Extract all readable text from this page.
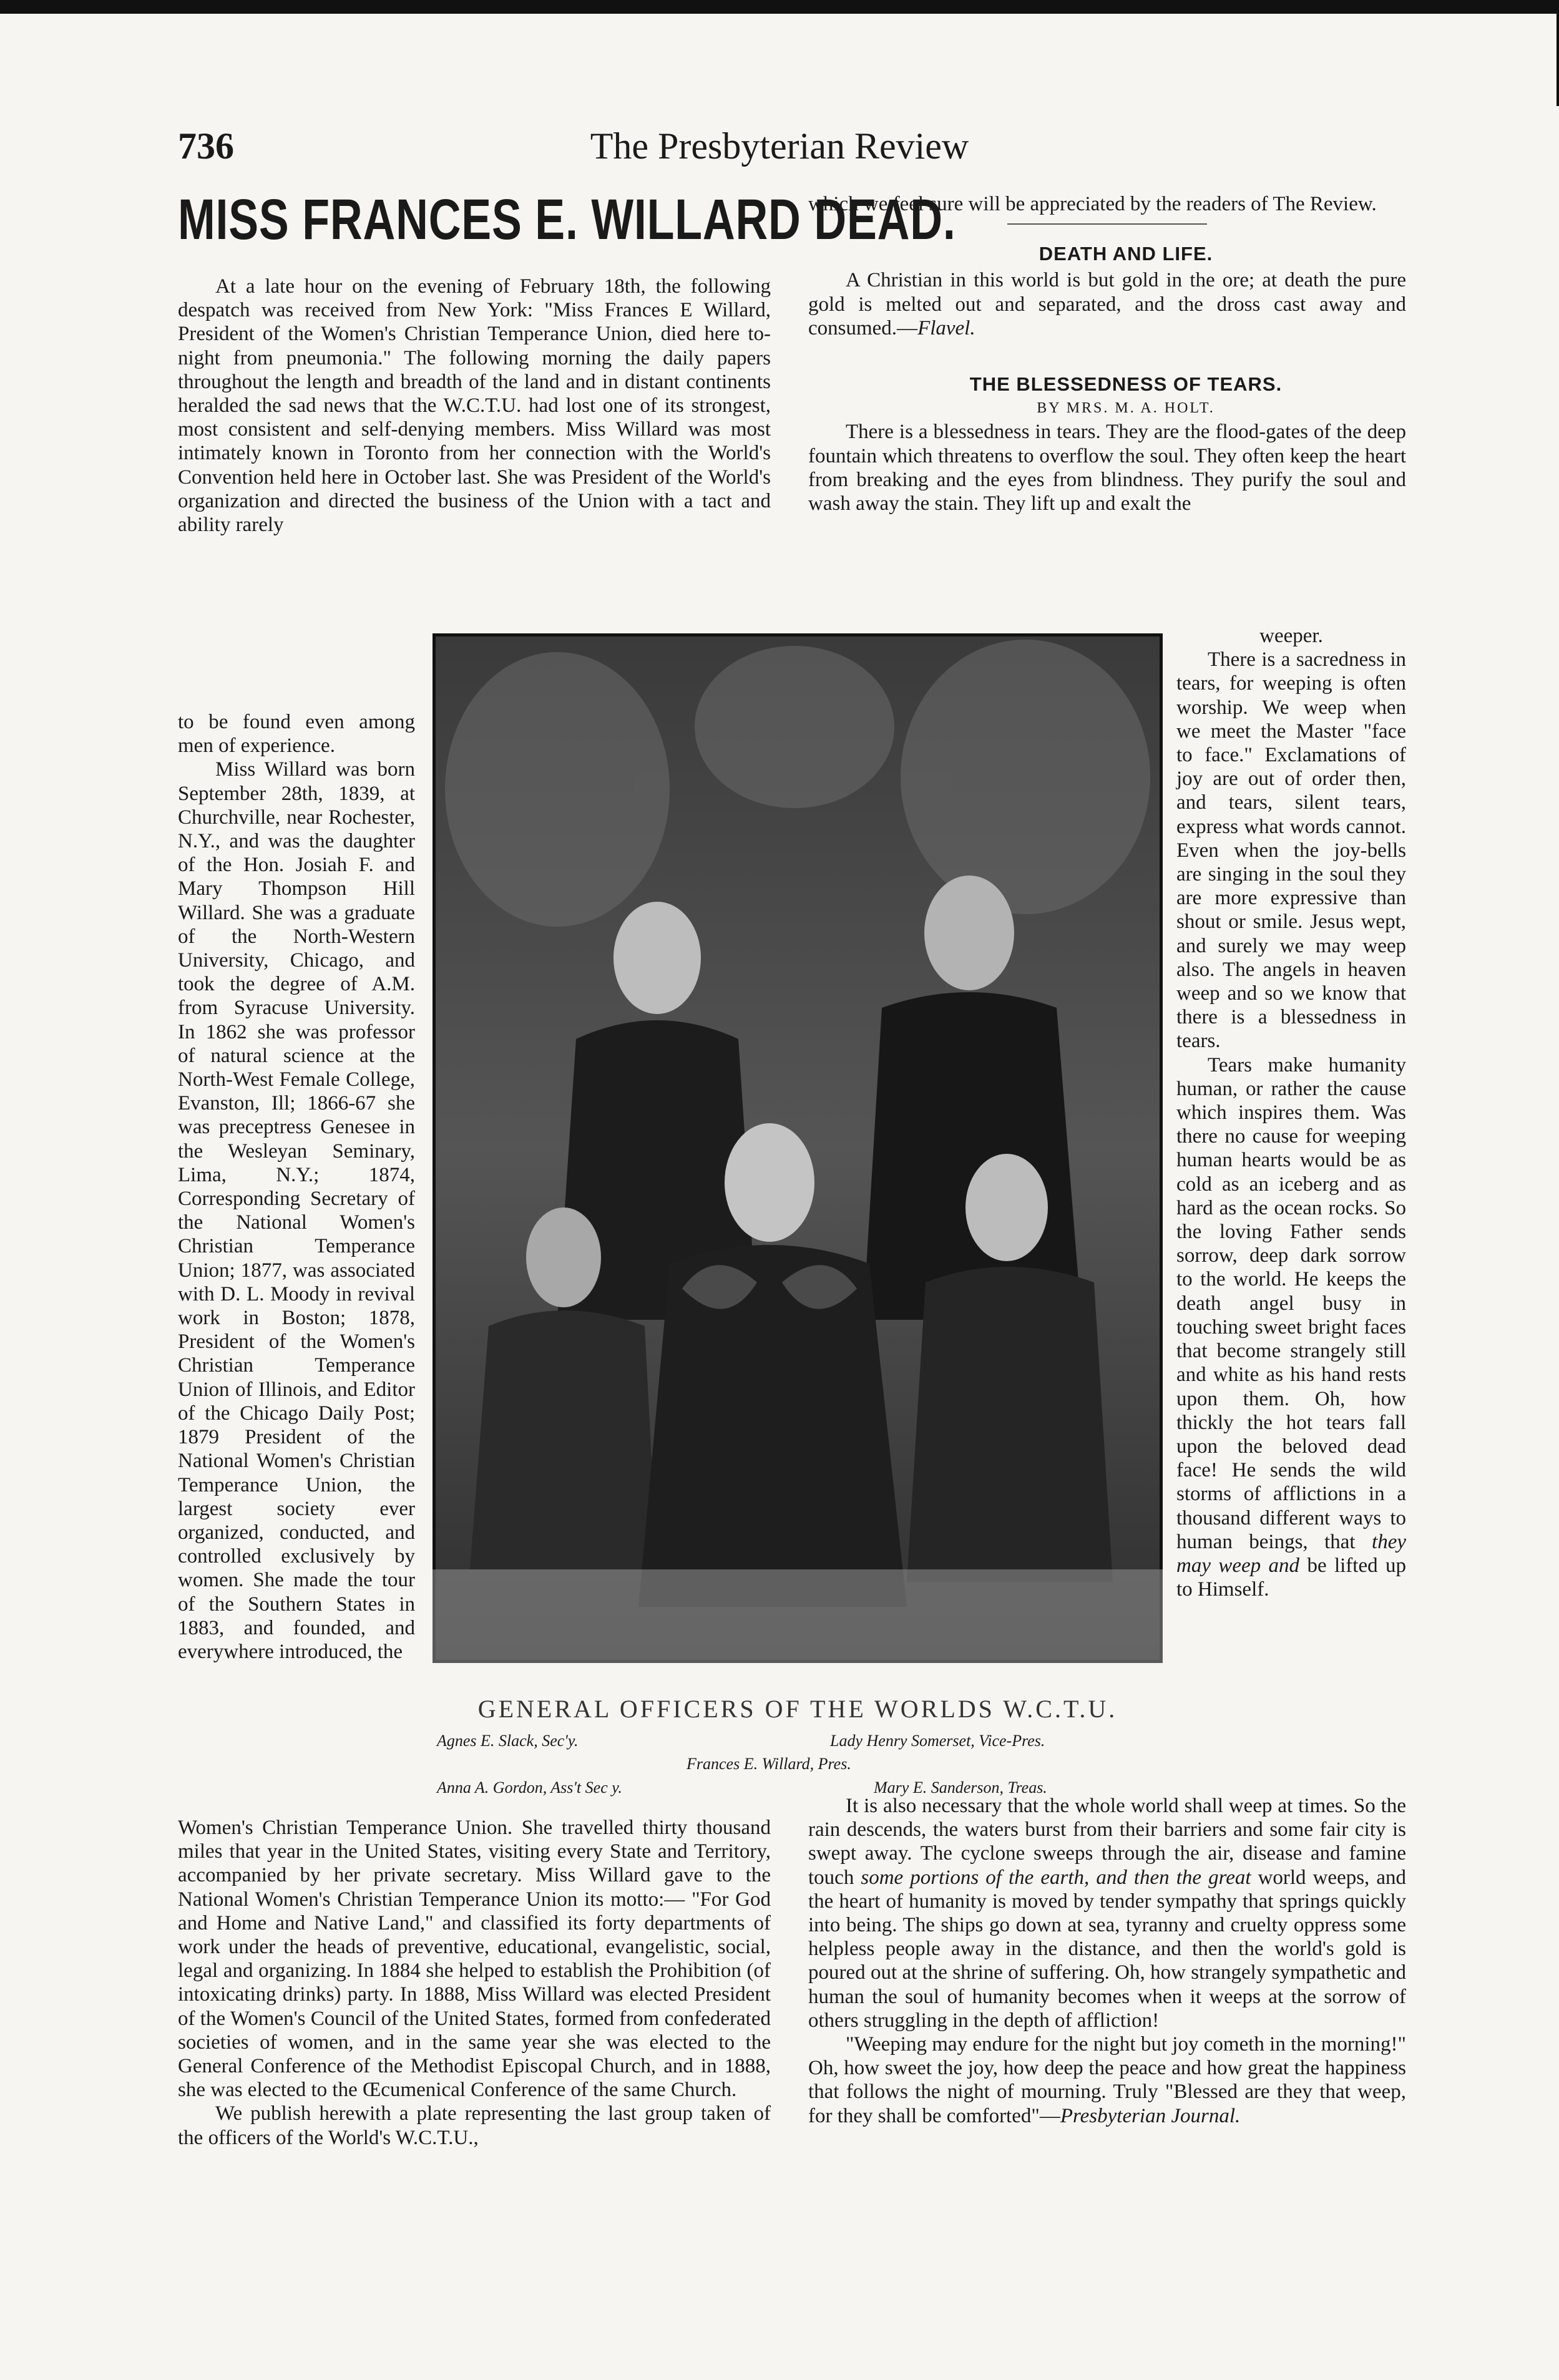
736	The Presbyterian Review
MISS FRANCES E. WILLARD DEAD.

At a late hour on the evening of February 18th, the following despatch was received from New York: "Miss Frances E Willard, President of the Women's Christian Temperance Union, died here to-night from pneumonia." The following morning the daily papers throughout the length and breadth of the land and in distant continents heralded the sad news that the W.C.T.U. had lost one of its strongest, most consistent and self-denying members. Miss Willard was most intimately known in Toronto from her connection with the World's Convention held here in October last. She was President of the World's organization and directed the business of the Union with a tact and ability rarely

to be found even among men of experience.

Miss Willard was born September 28th, 1839, at Churchville, near Rochester, N.Y., and was the daughter of the Hon. Josiah F. and Mary Thompson Hill Willard. She was a graduate of the North-Western University, Chicago, and took the degree of A.M. from Syracuse University. In 1862 she was professor of natural science at the North-West Female College, Evanston, Ill; 1866-67 she was preceptress Genesee in the Wesleyan Seminary, Lima, N.Y.; 1874, Corresponding Secretary of the National Women's Christian Temperance Union; 1877, was associated with D. L. Moody in revival work in Boston; 1878, President of the Women's Christian Temperance Union of Illinois, and Editor of the Chicago Daily Post; 1879 President of the National Women's Christian Temperance Union, the largest society ever organized, conducted, and controlled exclusively by women. She made the tour of the Southern States in 1883, and founded, and everywhere introduced, the

Women's Christian Temperance Union. She travelled thirty thousand miles that year in the United States, visiting every State and Territory, accompanied by her private secretary. Miss Willard gave to the National Women's Christian Temperance Union its motto:— "For God and Home and Native Land," and classified its forty departments of work under the heads of preventive, educational, evangelistic, social, legal and organizing. In 1884 she helped to establish the Prohibition (of intoxicating drinks) party. In 1888, Miss Willard was elected President of the Women's Council of the United States, formed from confederated societies of women, and in the same year she was elected to the General Conference of the Methodist Episcopal Church, and in 1888, she was elected to the Œcumenical Conference of the same Church.

We publish herewith a plate representing the last group taken of the officers of the World's W.C.T.U.,

which we feel sure will be appreciated by the readers of The Review.

DEATH AND LIFE.

A Christian in this world is but gold in the ore; at death the pure gold is melted out and separated, and the dross cast away and consumed.—Flavel.

THE BLESSEDNESS OF TEARS.

BY MRS. M. A. HOLT.

There is a blessedness in tears. They are the flood-gates of the deep fountain which threatens to overflow the soul. They often keep the heart from breaking and the eyes from blindness. They purify the soul and wash away the stain. They lift up and exalt the

weeper.

There is a sacredness in tears, for weeping is often worship. We weep when we meet the Master "face to face." Exclamations of joy are out of order then, and tears, silent tears, express what words cannot. Even when the joy-bells are singing in the soul they are more expressive than shout or smile. Jesus wept, and surely we may weep also. The angels in heaven weep and so we know that there is a blessedness in tears.

Tears make humanity human, or rather the cause which inspires them. Was there no cause for weeping human hearts would be as cold as an iceberg and as hard as the ocean rocks. So the loving Father sends sorrow, deep dark sorrow to the world. He keeps the death angel busy in touching sweet bright faces that become strangely still and white as his hand rests upon them. Oh, how thickly the hot tears fall upon the beloved dead face! He sends the wild storms of afflictions in a thousand different ways to human beings, that they may weep and be lifted up to Himself.

It is also necessary that the whole world shall weep at times. So the rain descends, the waters burst from their barriers and some fair city is swept away. The cyclone sweeps through the air, disease and famine touch some portions of the earth, and then the great world weeps, and the heart of humanity is moved by tender sympathy that springs quickly into being. The ships go down at sea, tyranny and cruelty oppress some helpless people away in the distance, and then the world's gold is poured out at the shrine of suffering. Oh, how strangely sympathetic and human the soul of humanity becomes when it weeps at the sorrow of others struggling in the depth of affliction!

"Weeping may endure for the night but joy cometh in the morning!" Oh, how sweet the joy, how deep the peace and how great the happiness that follows the night of mourning. Truly "Blessed are they that weep, for they shall be comforted"—Presbyterian Journal.

GENERAL OFFICERS OF THE WORLDS W.C.T.U.
Agnes E. Slack, Sec'y.	Lady Henry Somerset, Vice-Pres.
Frances E. Willard, Pres.
Anna A. Gordon, Ass't Sec y.	Mary E. Sanderson, Treas.
